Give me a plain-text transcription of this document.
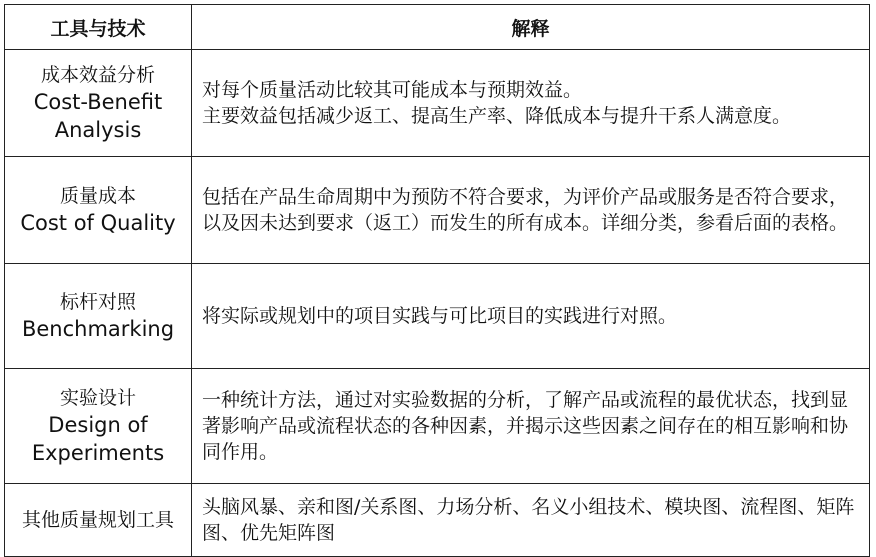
工具与技术	解释

成本效益分析
Cost-Benefit
Analysis	对每个质量活动比较其可能成本与预期效益。
主要效益包括减少返工、提高生产率、降低成本与提升干系人满意度。

质量成本
Cost of Quality	包括在产品生命周期中为预防不符合要求，为评价产品或服务是否符合要求，以及因未达到要求（返工）而发生的所有成本。详细分类，参看后面的表格。

标杆对照
Benchmarking	将实际或规划中的项目实践与可比项目的实践进行对照。

实验设计
Design of
Experiments	一种统计方法，通过对实验数据的分析，了解产品或流程的最优状态，找到显著影响产品或流程状态的各种因素，并揭示这些因素之间存在的相互影响和协同作用。

其他质量规划工具	头脑风暴、亲和图/关系图、力场分析、名义小组技术、模块图、流程图、矩阵图、优先矩阵图
